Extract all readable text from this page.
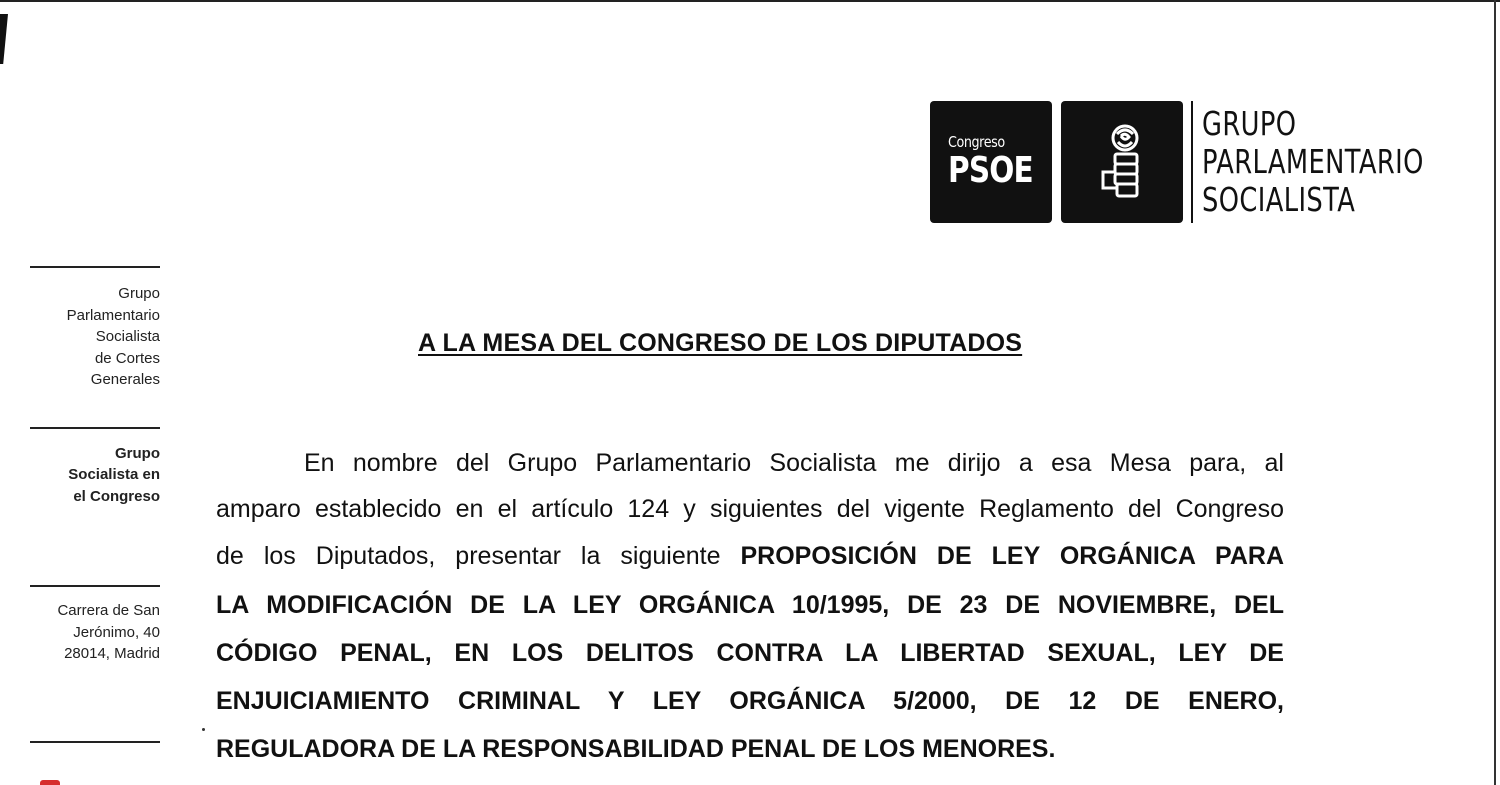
Congreso
PSOE
GRUPO
PARLAMENTARIO
SOCIALISTA
Grupo
Parlamentario
Socialista
de Cortes
Generales
Grupo
Socialista en
el Congreso
Carrera de San
Jerónimo, 40
28014, Madrid
A LA MESA DEL CONGRESO DE LOS DIPUTADOS
En nombre del Grupo Parlamentario Socialista me dirijo a esa Mesa para, al
amparo establecido en el artículo 124 y siguientes del vigente Reglamento del Congreso
de los Diputados, presentar la siguiente PROPOSICIÓN DE LEY ORGÁNICA PARA
LA MODIFICACIÓN DE LA LEY ORGÁNICA 10/1995, DE 23 DE NOVIEMBRE, DEL
CÓDIGO PENAL, EN LOS DELITOS CONTRA LA LIBERTAD SEXUAL, LEY DE
ENJUICIAMIENTO CRIMINAL Y LEY ORGÁNICA 5/2000, DE 12 DE ENERO,
REGULADORA DE LA RESPONSABILIDAD PENAL DE LOS MENORES.
